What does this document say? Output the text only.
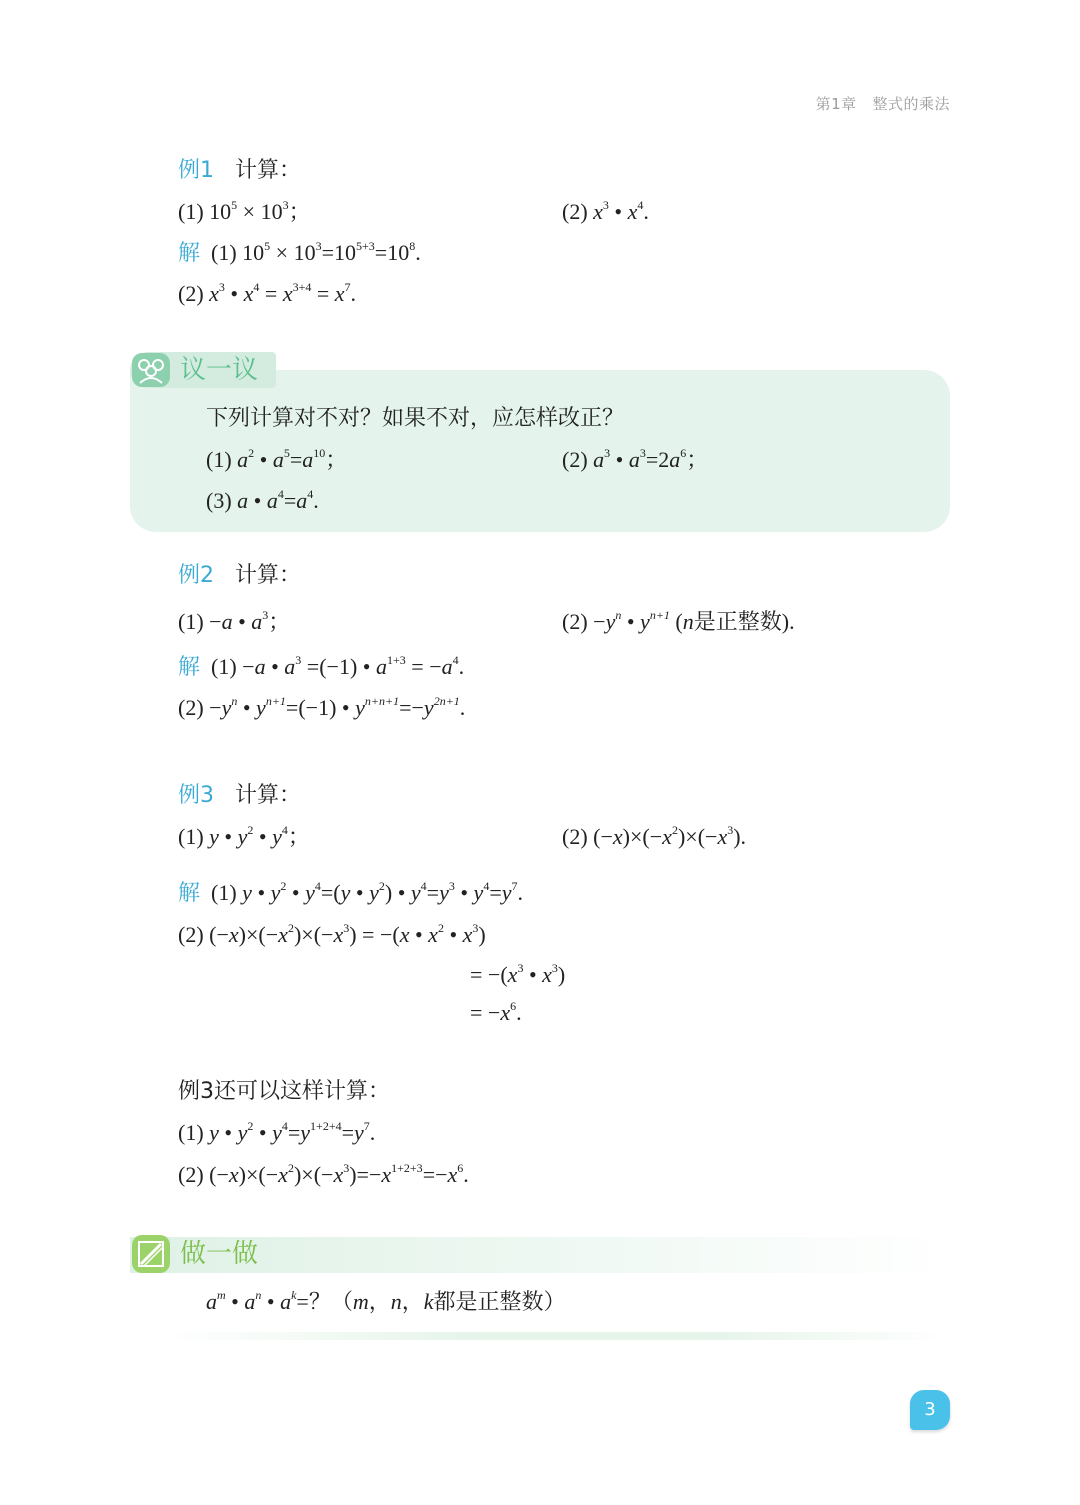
第1章 整式的乘法
例1 计算：
(1) $10^5 \times 10^3$；	(2) $x^3$ • $x^4$.
解 (1) $10^5 \times 10^3=10^{5+3}=10^8$.
(2) $x^3$ • $x^4 = x^{3+4} = x^7$.
议一议
下列计算对不对？如果不对，应怎样改正？
(1) $a^2$ • $a^5=a^{10}$；	(2) $a^3$ • $a^3=2a^6$；
(3) a • $a^4=a^4$.
例2 计算：
(1) −a • $a^3$；	$(2) -y^n$ • $y^{n+1}$ (n是正整数).
解 (1) −a • $a^3 =(-1)$ • $a^{1+3} = -a^4$.
$(2) -y^n$ • $y^{n+1}=(-1)$ • $y^{n+n+1}=-y^{2n+1}$.
例3 计算：
(1) y • $y^2$ • $y^4$；	(2) $(-x)\times(-x^2)\times(-x^3)$.
解 (1) y • $y^2$ • $y^4=(y$ • $y^2$) • $y^4=y^3$ • $y^4=y^7$.
(2) $(-x)\times(-x^2)\times(-x^3) = -(x$ • $x^2$ • $x^3$)
= $-(x^3$ • $x^3$)
= $-x^6$.
例3还可以这样计算：
(1) y • $y^2$ • $y^4=y^{1+2+4}=y^7$.
(2) $(-x)\times(-x^2)\times(-x^3)=-x^{1+2+3}=-x^6$.
做一做
$a^m$ • $a^n$ • $a^k=$？（m，n，k都是正整数）
3
